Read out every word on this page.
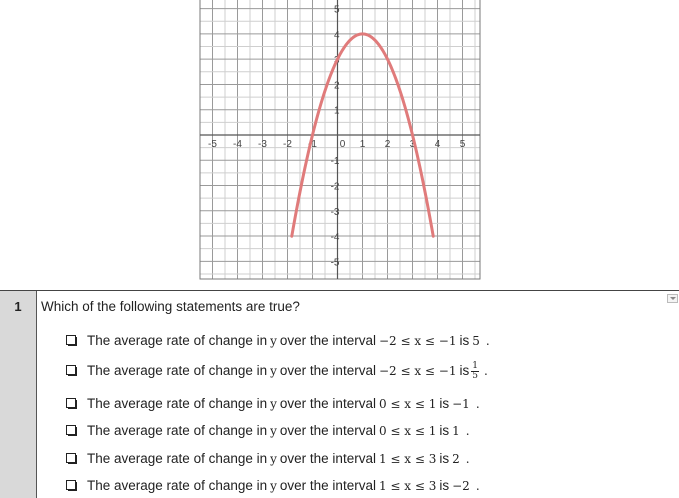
-5 -4 -3 -2 -1 0 1 2 3 4 5
5
4
3
2
1
-1
-2
-3
-4
-5
1	Which of the following statements are true?
The average rate of change in y over the interval −2 ≤ x ≤ −1 is 5 .
The average rate of change in y over the interval −2 ≤ x ≤ −1 is $\frac{1}{5}$ .
The average rate of change in y over the interval 0 ≤ x ≤ 1 is −1 .
The average rate of change in y over the interval 0 ≤ x ≤ 1 is 1 .
The average rate of change in y over the interval 1 ≤ x ≤ 3 is 2 .
The average rate of change in y over the interval 1 ≤ x ≤ 3 is −2 .
